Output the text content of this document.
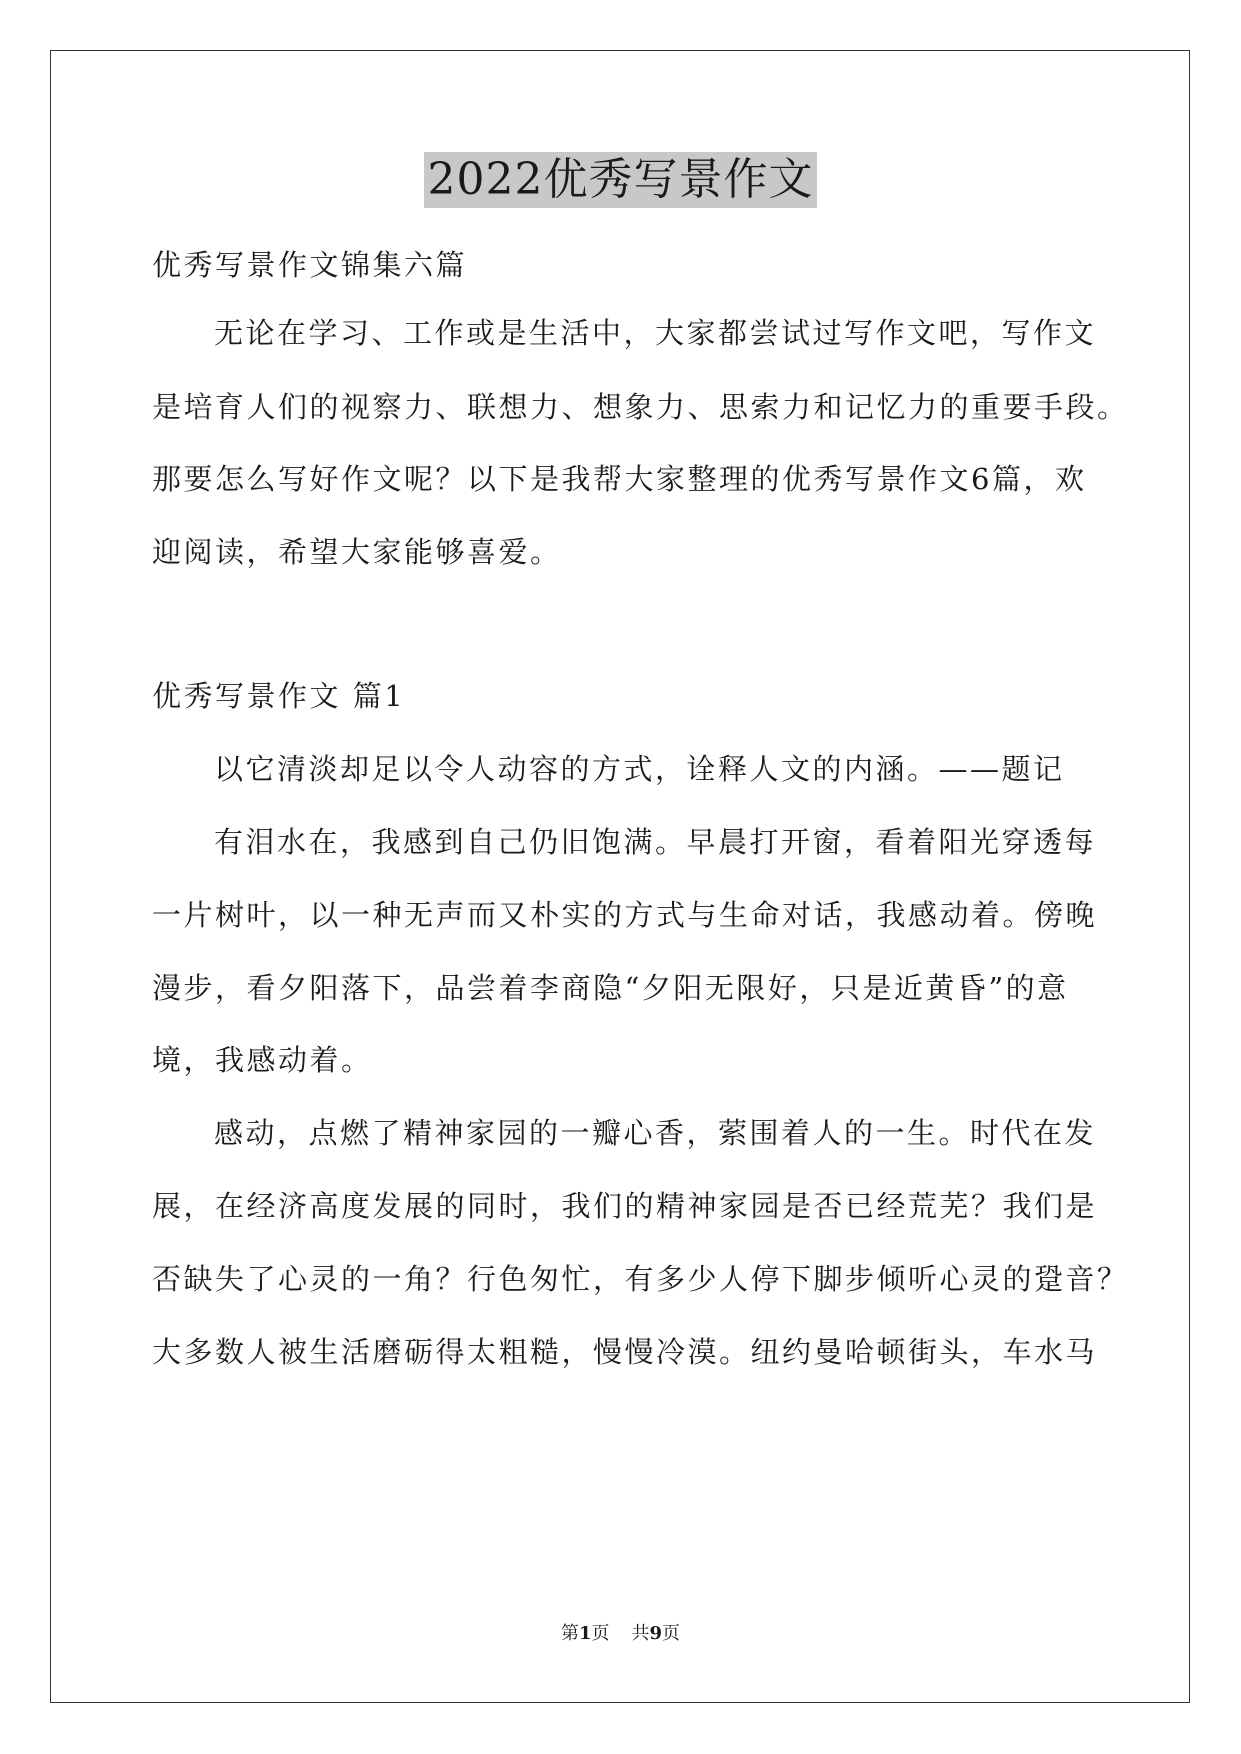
2022优秀写景作文
优秀写景作文锦集六篇
无论在学习、工作或是生活中，大家都尝试过写作文吧，写作文
是培育人们的视察力、联想力、想象力、思索力和记忆力的重要手段。
那要怎么写好作文呢？以下是我帮大家整理的优秀写景作文6篇，欢
迎阅读，希望大家能够喜爱。
优秀写景作文 篇1
以它清淡却足以令人动容的方式，诠释人文的内涵。——题记
有泪水在，我感到自己仍旧饱满。早晨打开窗，看着阳光穿透每
一片树叶，以一种无声而又朴实的方式与生命对话，我感动着。傍晚
漫步，看夕阳落下，品尝着李商隐“夕阳无限好，只是近黄昏”的意
境，我感动着。
感动，点燃了精神家园的一瓣心香，萦围着人的一生。时代在发
展，在经济高度发展的同时，我们的精神家园是否已经荒芜？我们是
否缺失了心灵的一角？行色匆忙，有多少人停下脚步倾听心灵的跫音？
大多数人被生活磨砺得太粗糙，慢慢冷漠。纽约曼哈顿街头，车水马
第1页 共9页
